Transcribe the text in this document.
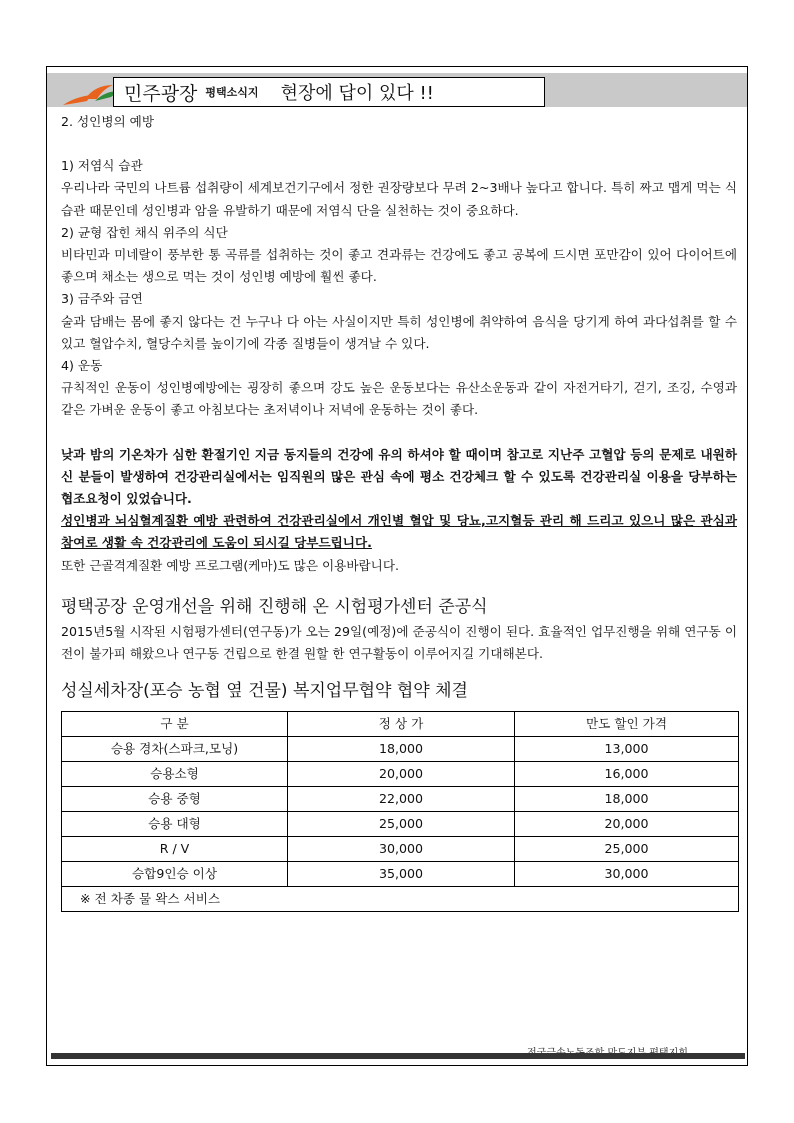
민주광장 평택소식지 현장에 답이 있다 !!

2. 성인병의 예방

1) 저염식 습관

우리나라 국민의 나트륨 섭취량이 세계보건기구에서 정한 권장량보다 무려 2~3배나 높다고 합니다. 특히 짜고 맵게 먹는 식습관 때문인데 성인병과 암을 유발하기 때문에 저염식 단을 실천하는 것이 중요하다.

2) 균형 잡힌 채식 위주의 식단

비타민과 미네랄이 풍부한 통 곡류를 섭취하는 것이 좋고 견과류는 건강에도 좋고 공복에 드시면 포만감이 있어 다이어트에 좋으며 채소는 생으로 먹는 것이 성인병 예방에 훨씬 좋다.

3) 금주와 금연

술과 담배는 몸에 좋지 않다는 건 누구나 다 아는 사실이지만 특히 성인병에 취약하여 음식을 당기게 하여 과다섭취를 할 수 있고 혈압수치, 혈당수치를 높이기에 각종 질병들이 생겨날 수 있다.

4) 운동

규칙적인 운동이 성인병예방에는 굉장히 좋으며 강도 높은 운동보다는 유산소운동과 같이 자전거타기, 걷기, 조깅, 수영과 같은 가벼운 운동이 좋고 아침보다는 초저녁이나 저녁에 운동하는 것이 좋다.

낮과 밤의 기온차가 심한 환절기인 지금 동지들의 건강에 유의 하셔야 할 때이며 참고로 지난주 고혈압 등의 문제로 내원하신 분들이 발생하여 건강관리실에서는 임직원의 많은 관심 속에 평소 건강체크 할 수 있도록 건강관리실 이용을 당부하는 협조요청이 있었습니다.

성인병과 뇌심혈계질환 예방 관련하여 건강관리실에서 개인별 혈압 및 당뇨,고지혈등 관리 해 드리고 있으니 많은 관심과 참여로 생활 속 건강관리에 도움이 되시길 당부드립니다.

또한 근골격계질환 예방 프로그램(케마)도 많은 이용바랍니다.

평택공장 운영개선을 위해 진행해 온 시험평가센터 준공식

2015년5월 시작된 시험평가센터(연구동)가 오는 29일(예정)에 준공식이 진행이 된다. 효율적인 업무진행을 위해 연구동 이전이 불가피 해왔으나 연구동 건립으로 한결 원할 한 연구활동이 이루어지길 기대해본다.

성실세차장(포승 농협 옆 건물) 복지업무협약 협약 체결
구 분	정 상 가	만도 할인 가격
승용 경차(스파크,모닝)	18,000	13,000
승용소형	20,000	16,000
승용 중형	22,000	18,000
승용 대형	25,000	20,000
R / V	30,000	25,000
승합9인승 이상	35,000	30,000
※ 전 차종 물 왁스 서비스		
